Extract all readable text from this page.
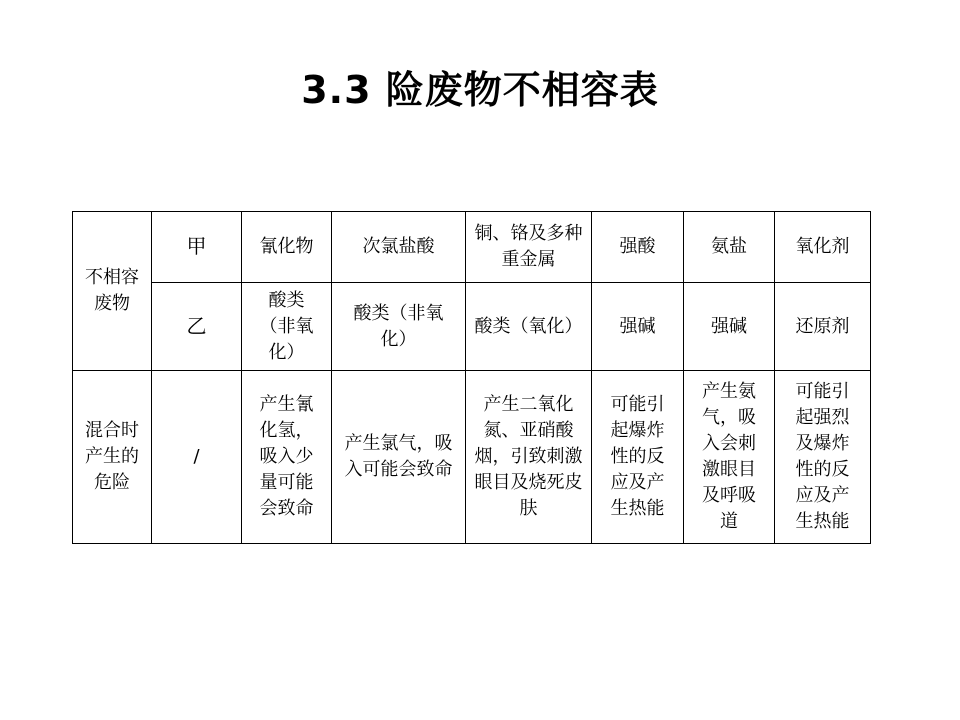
3.3 险废物不相容表
不相容废物	甲	氰化物	次氯盐酸	铜、铬及多种重金属	强酸	氨盐	氧化剂
	乙	酸类（非氧化）	酸类（非氧化）	酸类（氧化）	强碱	强碱	还原剂
混合时产生的危险	/	产生氰化氢，吸入少量可能会致命	产生氯气，吸入可能会致命	产生二氧化氮、亚硝酸烟，引致刺激眼目及烧死皮肤	可能引起爆炸性的反应及产生热能	产生氨气，吸入会刺激眼目及呼吸道	可能引起强烈及爆炸性的反应及产生热能
